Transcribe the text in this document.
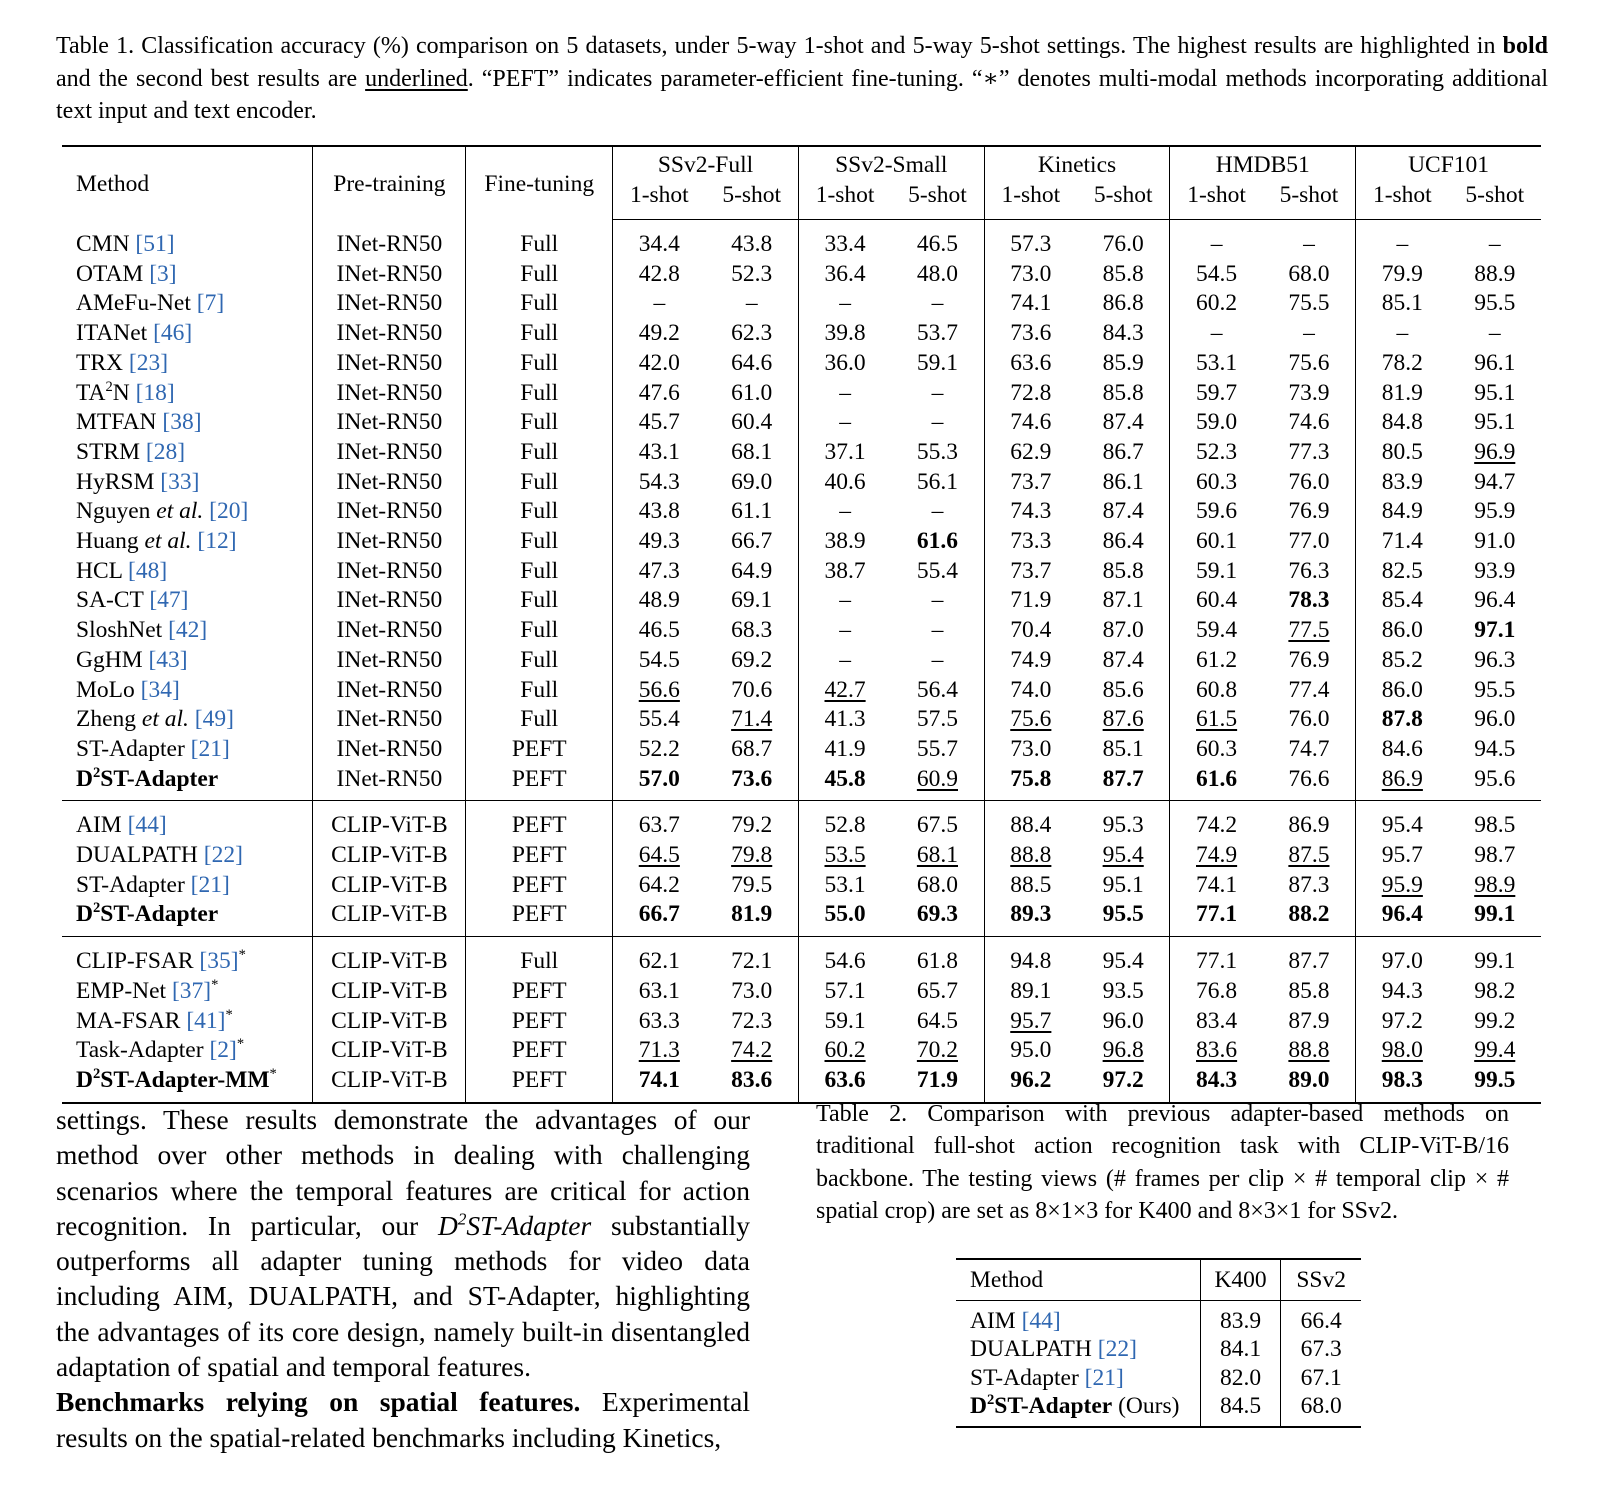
Table 1. Classification accuracy (%) comparison on 5 datasets, under 5-way 1-shot and 5-way 5-shot settings. The highest results are highlighted in bold and the second best results are underlined. “PEFT” indicates parameter-efficient fine-tuning. “∗” denotes multi-modal methods incorporating additional text input and text encoder.
Method	Pre-training	Fine-tuning	SSv2-Full		SSv2-Small		Kinetics		HMDB51		UCF101	
			1-shot	5-shot	1-shot	5-shot	1-shot	5-shot	1-shot	5-shot	1-shot	5-shot
CMN [51]	INet-RN50	Full	34.4	43.8	33.4	46.5	57.3	76.0	–	–	–	–
OTAM [3]	INet-RN50	Full	42.8	52.3	36.4	48.0	73.0	85.8	54.5	68.0	79.9	88.9
AMeFu-Net [7]	INet-RN50	Full	–	–	–	–	74.1	86.8	60.2	75.5	85.1	95.5
ITANet [46]	INet-RN50	Full	49.2	62.3	39.8	53.7	73.6	84.3	–	–	–	–
TRX [23]	INet-RN50	Full	42.0	64.6	36.0	59.1	63.6	85.9	53.1	75.6	78.2	96.1
$TA^2N$ [18]	INet-RN50	Full	47.6	61.0	–	–	72.8	85.8	59.7	73.9	81.9	95.1
MTFAN [38]	INet-RN50	Full	45.7	60.4	–	–	74.6	87.4	59.0	74.6	84.8	95.1
STRM [28]	INet-RN50	Full	43.1	68.1	37.1	55.3	62.9	86.7	52.3	77.3	80.5	96.9
HyRSM [33]	INet-RN50	Full	54.3	69.0	40.6	56.1	73.7	86.1	60.3	76.0	83.9	94.7
Nguyen et al. [20]	INet-RN50	Full	43.8	61.1	–	–	74.3	87.4	59.6	76.9	84.9	95.9
Huang et al. [12]	INet-RN50	Full	49.3	66.7	38.9	61.6	73.3	86.4	60.1	77.0	71.4	91.0
HCL [48]	INet-RN50	Full	47.3	64.9	38.7	55.4	73.7	85.8	59.1	76.3	82.5	93.9
SA-CT [47]	INet-RN50	Full	48.9	69.1	–	–	71.9	87.1	60.4	78.3	85.4	96.4
SloshNet [42]	INet-RN50	Full	46.5	68.3	–	–	70.4	87.0	59.4	77.5	86.0	97.1
GgHM [43]	INet-RN50	Full	54.5	69.2	–	–	74.9	87.4	61.2	76.9	85.2	96.3
MoLo [34]	INet-RN50	Full	56.6	70.6	42.7	56.4	74.0	85.6	60.8	77.4	86.0	95.5
Zheng et al. [49]	INet-RN50	Full	55.4	71.4	41.3	57.5	75.6	87.6	61.5	76.0	87.8	96.0
ST-Adapter [21]	INet-RN50	PEFT	52.2	68.7	41.9	55.7	73.0	85.1	60.3	74.7	84.6	94.5
$D^2ST$-Adapter	INet-RN50	PEFT	57.0	73.6	45.8	60.9	75.8	87.7	61.6	76.6	86.9	95.6
AIM [44]	CLIP-ViT-B	PEFT	63.7	79.2	52.8	67.5	88.4	95.3	74.2	86.9	95.4	98.5
DUALPATH [22]	CLIP-ViT-B	PEFT	64.5	79.8	53.5	68.1	88.8	95.4	74.9	87.5	95.7	98.7
ST-Adapter [21]	CLIP-ViT-B	PEFT	64.2	79.5	53.1	68.0	88.5	95.1	74.1	87.3	95.9	98.9
$D^2ST$-Adapter	CLIP-ViT-B	PEFT	66.7	81.9	55.0	69.3	89.3	95.5	77.1	88.2	96.4	99.1
CLIP-FSAR [35]*	CLIP-ViT-B	Full	62.1	72.1	54.6	61.8	94.8	95.4	77.1	87.7	97.0	99.1
EMP-Net [37]*	CLIP-ViT-B	PEFT	63.1	73.0	57.1	65.7	89.1	93.5	76.8	85.8	94.3	98.2
MA-FSAR [41]*	CLIP-ViT-B	PEFT	63.3	72.3	59.1	64.5	95.7	96.0	83.4	87.9	97.2	99.2
Task-Adapter [2]*	CLIP-ViT-B	PEFT	71.3	74.2	60.2	70.2	95.0	96.8	83.6	88.8	98.0	99.4
$D^2ST-Adapter-MM^*$	CLIP-ViT-B	PEFT	74.1	83.6	63.6	71.9	96.2	97.2	84.3	89.0	98.3	99.5

settings. These results demonstrate the advantages of our method over other methods in dealing with challenging scenarios where the temporal features are critical for action recognition. In particular, our $D^2ST$-Adapter substantially outperforms all adapter tuning methods for video data including AIM, DUALPATH, and ST-Adapter, highlighting the advantages of its core design, namely built-in disentangled adaptation of spatial and temporal features.

Benchmarks relying on spatial features. Experimental results on the spatial-related benchmarks including Kinetics,

Table 2. Comparison with previous adapter-based methods on traditional full-shot action recognition task with CLIP-ViT-B/16 backbone. The testing views (# frames per clip × # temporal clip × # spatial crop) are set as 8×1×3 for K400 and 8×3×1 for SSv2.
Method	K400	SSv2
AIM [44]	83.9	66.4
DUALPATH [22]	84.1	67.3
ST-Adapter [21]	82.0	67.1
$D^2ST$-Adapter (Ours)	84.5	68.0
